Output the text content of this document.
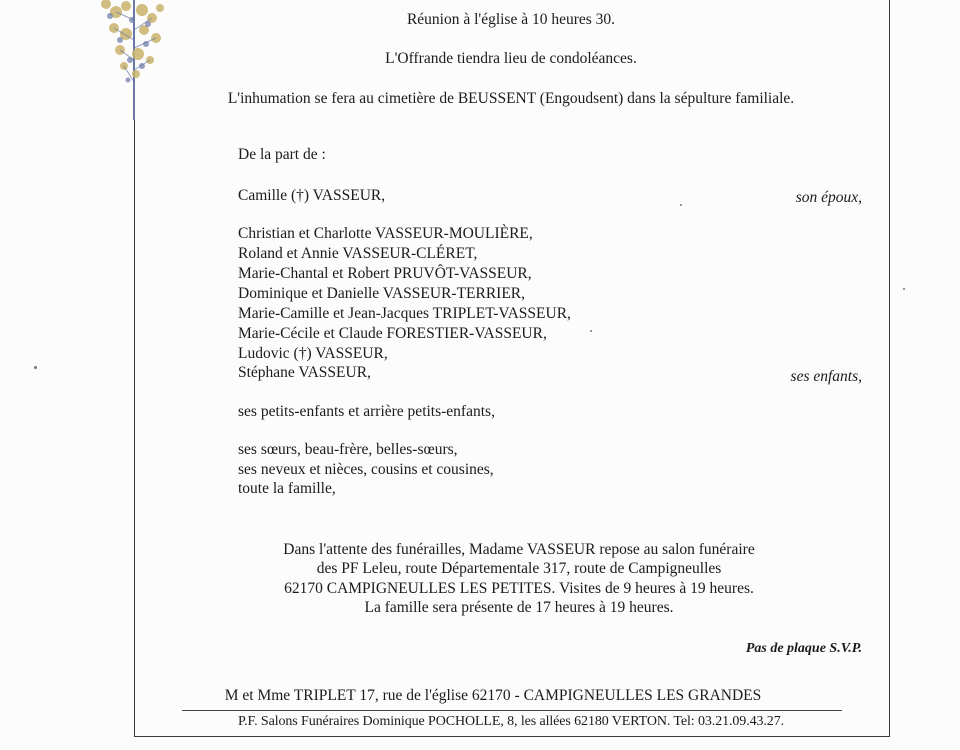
Réunion à l'église à 10 heures 30.
L'Offrande tiendra lieu de condoléances.
L'inhumation se fera au cimetière de BEUSSENT (Engoudsent) dans la sépulture familiale.
De la part de :
Camille (†) VASSEUR,	son époux,
Christian et Charlotte VASSEUR-MOULIÈRE,
Roland et Annie VASSEUR-CLÉRET,
Marie-Chantal et Robert PRUVÔT-VASSEUR,
Dominique et Danielle VASSEUR-TERRIER,
Marie-Camille et Jean-Jacques TRIPLET-VASSEUR,
Marie-Cécile et Claude FORESTIER-VASSEUR,
Ludovic (†) VASSEUR,
Stéphane VASSEUR,	ses enfants,
ses petits-enfants et arrière petits-enfants,
ses sœurs, beau-frère, belles-sœurs,
ses neveux et nièces, cousins et cousines,
toute la famille,
Dans l'attente des funérailles, Madame VASSEUR repose au salon funéraire
des PF Leleu, route Départementale 317, route de Campigneulles
62170 CAMPIGNEULLES LES PETITES. Visites de 9 heures à 19 heures.
La famille sera présente de 17 heures à 19 heures.
Pas de plaque S.V.P.
M et Mme TRIPLET 17, rue de l'église 62170 - CAMPIGNEULLES LES GRANDES
P.F. Salons Funéraires Dominique POCHOLLE, 8, les allées 62180 VERTON. Tel: 03.21.09.43.27.
